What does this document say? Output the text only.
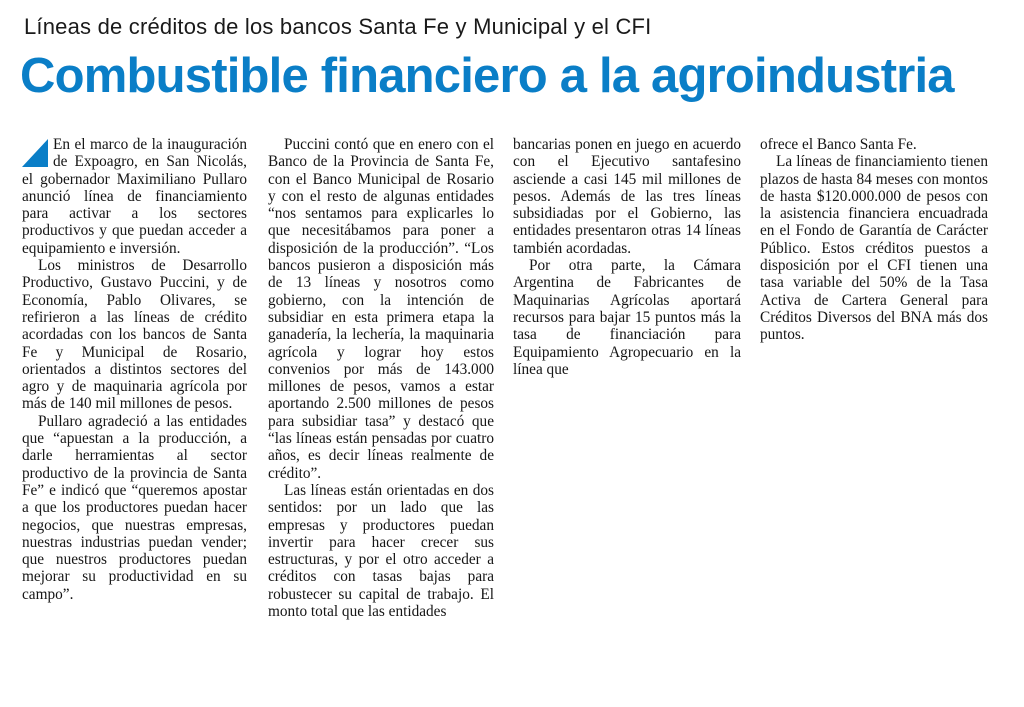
Líneas de créditos de los bancos Santa Fe y Municipal y el CFI
Combustible financiero a la agroindustria

En el marco de la inauguración de Expoagro, en San Nicolás, el gobernador Maximiliano Pullaro anunció línea de financiamiento para activar a los sectores productivos y que puedan acceder a equipamiento e inversión.

Los ministros de Desarrollo Productivo, Gustavo Puccini, y de Economía, Pablo Olivares, se refirieron a las líneas de crédito acordadas con los bancos de Santa Fe y Municipal de Rosario, orientados a distintos sectores del agro y de maquinaria agrícola por más de 140 mil millones de pesos.

Pullaro agradeció a las entidades que “apuestan a la producción, a darle herramientas al sector productivo de la provincia de Santa Fe” e indicó que “queremos apostar a que los productores puedan hacer negocios, que nuestras empresas, nuestras industrias puedan vender; que nuestros productores puedan mejorar su productividad en su campo”.

Puccini contó que en enero con el Banco de la Provincia de Santa Fe, con el Banco Municipal de Rosario y con el resto de algunas entidades “nos sentamos para explicarles lo que necesitábamos para poner a disposición de la producción”. “Los bancos pusieron a disposición más de 13 líneas y nosotros como gobierno, con la intención de subsidiar en esta primera etapa la ganadería, la lechería, la maquinaria agrícola y lograr hoy estos convenios por más de 143.000 millones de pesos, vamos a estar aportando 2.500 millones de pesos para subsidiar tasa” y destacó que “las líneas están pensadas por cuatro años, es decir líneas realmente de crédito”.

Las líneas están orientadas en dos sentidos: por un lado que las empresas y productores puedan invertir para hacer crecer sus estructuras, y por el otro acceder a créditos con tasas bajas para robustecer su capital de trabajo. El monto total que las entidades

bancarias ponen en juego en acuerdo con el Ejecutivo santafesino asciende a casi 145 mil millones de pesos. Además de las tres líneas subsidiadas por el Gobierno, las entidades presentaron otras 14 líneas también acordadas.

Por otra parte, la Cámara Argentina de Fabricantes de Maquinarias Agrícolas aportará recursos para bajar 15 puntos más la tasa de financiación para Equipamiento Agropecuario en la línea que

ofrece el Banco Santa Fe.

La líneas de financiamiento tienen plazos de hasta 84 meses con montos de hasta $120.000.000 de pesos con la asistencia financiera encuadrada en el Fondo de Garantía de Carácter Público. Estos créditos puestos a disposición por el CFI tienen una tasa variable del 50% de la Tasa Activa de Cartera General para Créditos Diversos del BNA más dos puntos.
